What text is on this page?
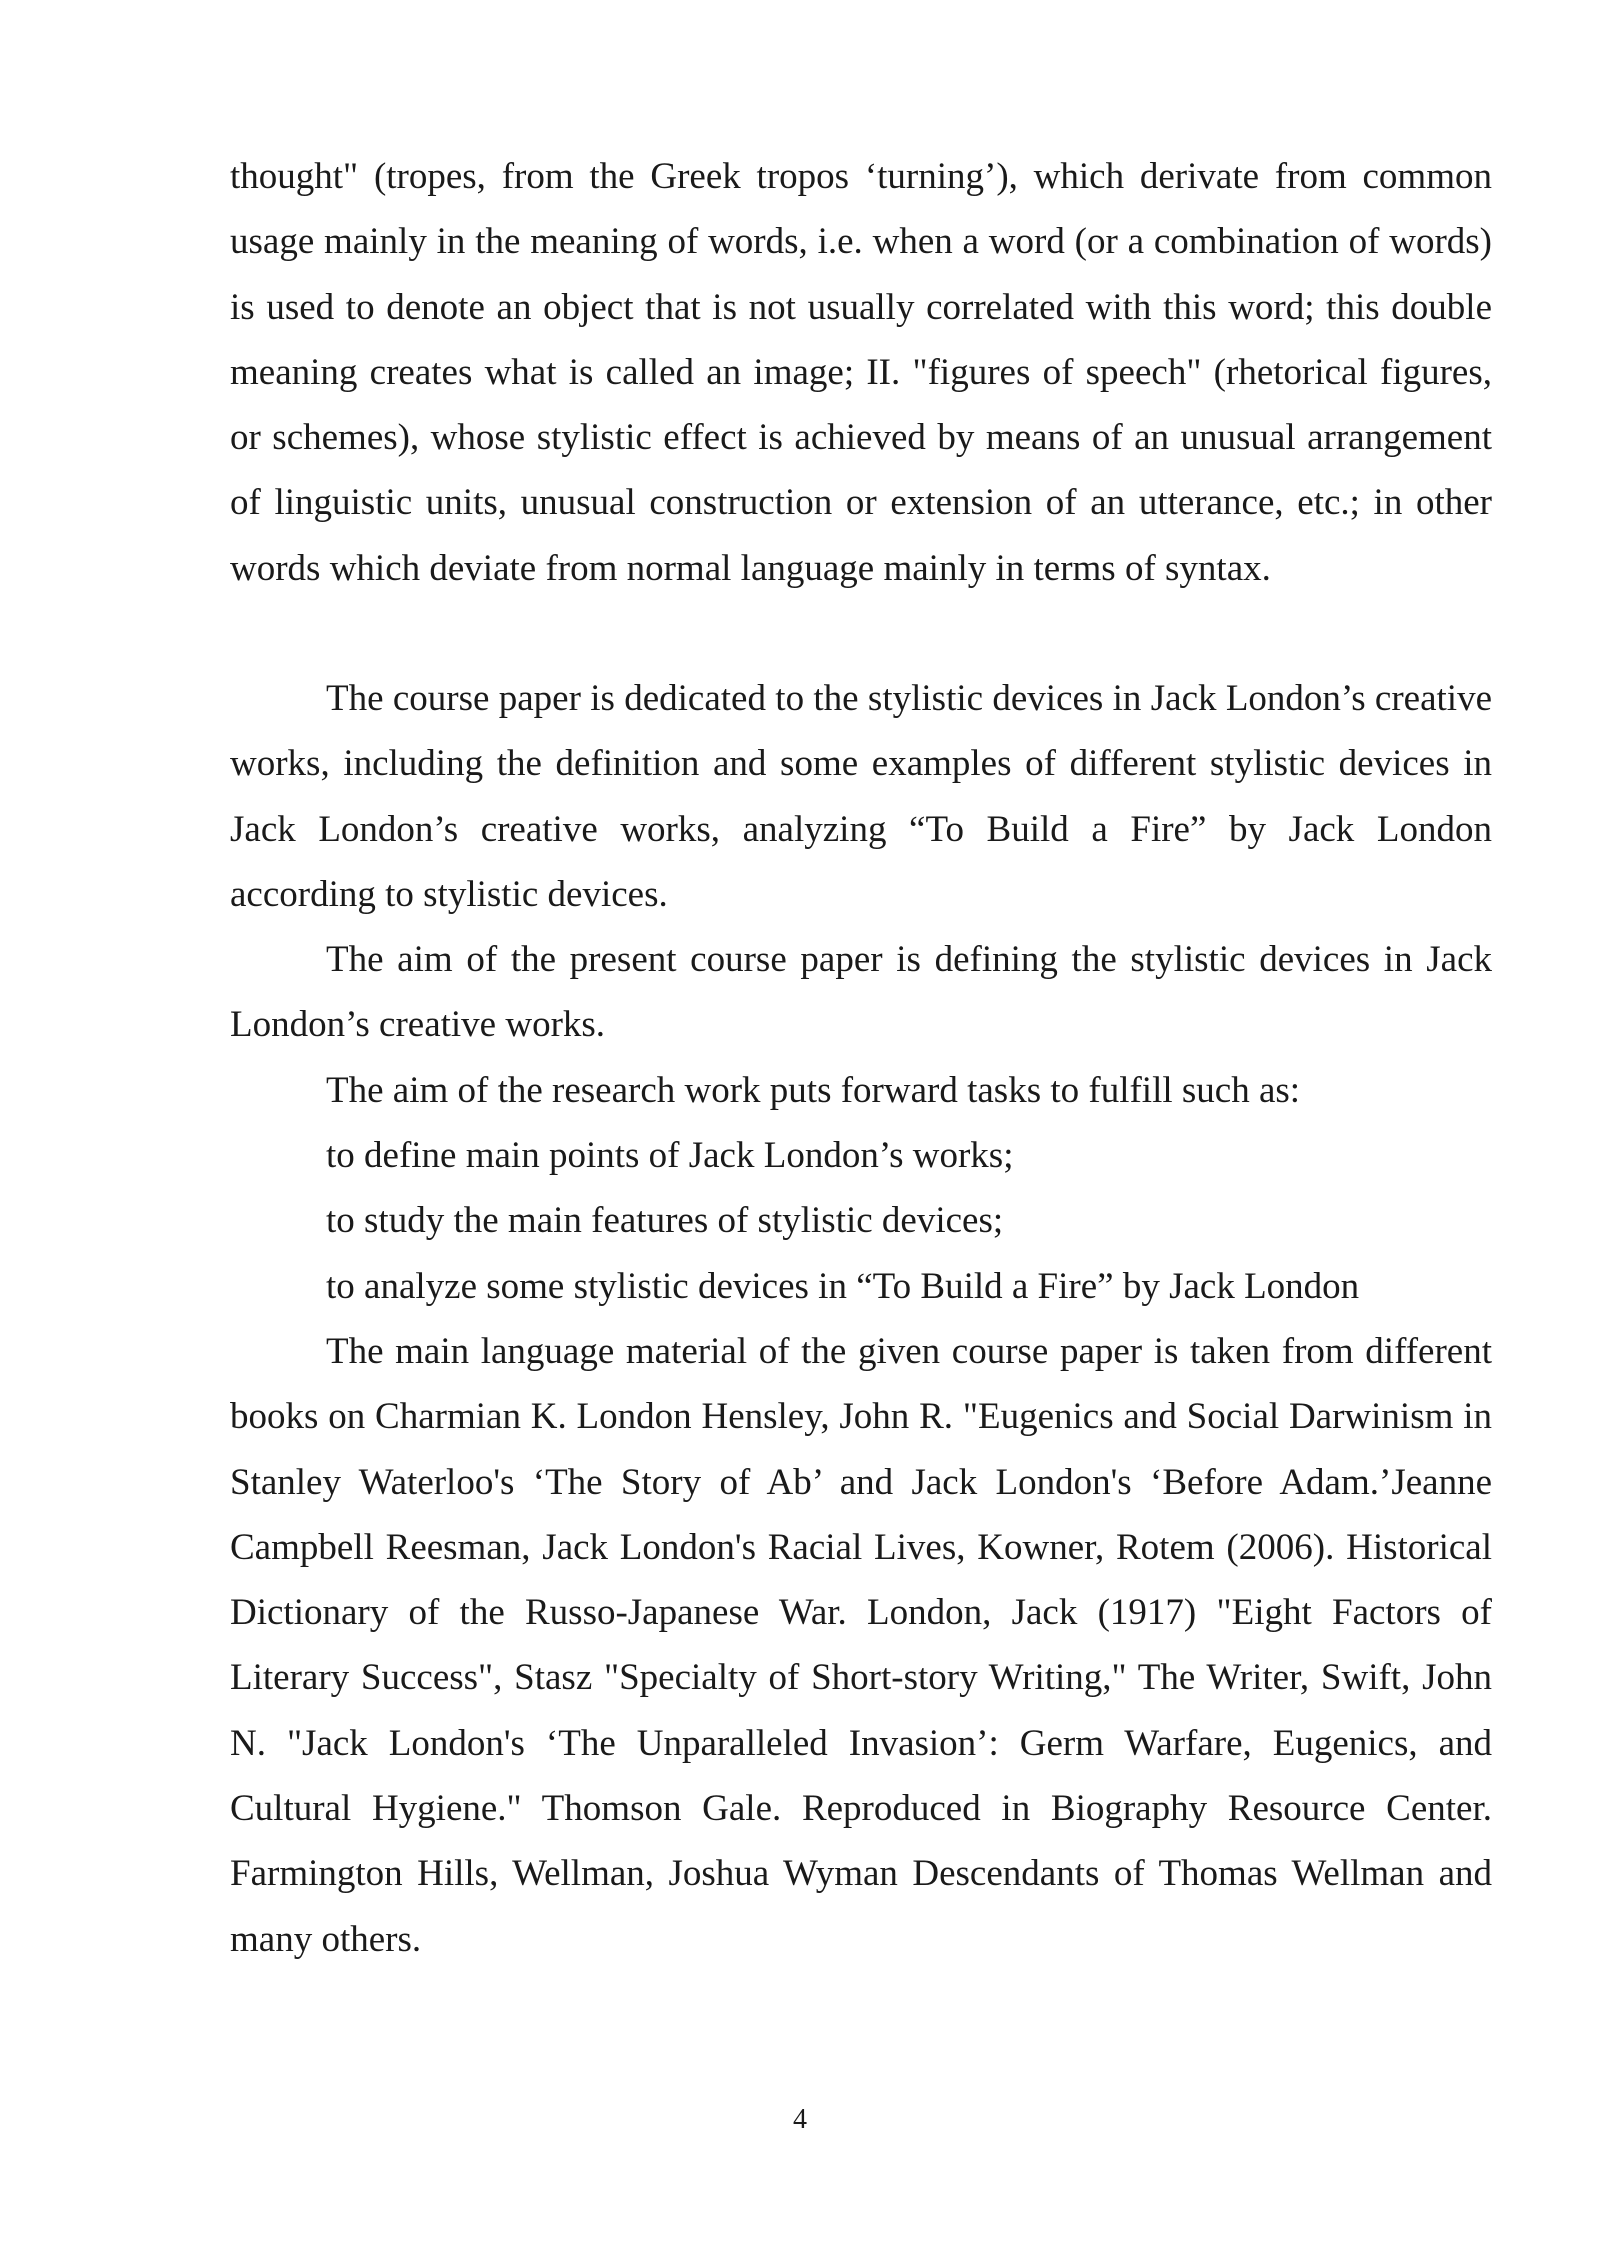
thought" (tropes, from the Greek tropos ‘turning’), which derivate from common usage mainly in the meaning of words, i.e. when a word (or a combination of words) is used to denote an object that is not usually correlated with this word; this double meaning creates what is called an image; II. "figures of speech" (rhetorical figures, or schemes), whose stylistic effect is achieved by means of an unusual arrangement of linguistic units, unusual construction or extension of an utterance, etc.; in other words which deviate from normal language mainly in terms of syntax.

The course paper is dedicated to the stylistic devices in Jack London’s creative works, including the definition and some examples of different stylistic devices in Jack London’s creative works, analyzing “To Build a Fire” by Jack London according to stylistic devices.

The aim of the present course paper is defining the stylistic devices in Jack London’s creative works.

The aim of the research work puts forward tasks to fulfill such as:

to define main points of Jack London’s works;

to study the main features of stylistic devices;

to analyze some stylistic devices in “To Build a Fire” by Jack London

The main language material of the given course paper is taken from different books on Charmian K. London Hensley, John R. "Eugenics and Social Darwinism in Stanley Waterloo's ‘The Story of Ab’ and Jack London's ‘Before Adam.’Jeanne Campbell Reesman, Jack London's Racial Lives, Kowner, Rotem (2006). Historical Dictionary of the Russo-Japanese War. London, Jack (1917) "Eight Factors of Literary Success", Stasz "Specialty of Short-story Writing," The Writer, Swift, John N. "Jack London's ‘The Unparalleled Invasion’: Germ Warfare, Eugenics, and Cultural Hygiene." Thomson Gale. Reproduced in Biography Resource Center. Farmington Hills, Wellman, Joshua Wyman Descendants of Thomas Wellman and many others.

4
